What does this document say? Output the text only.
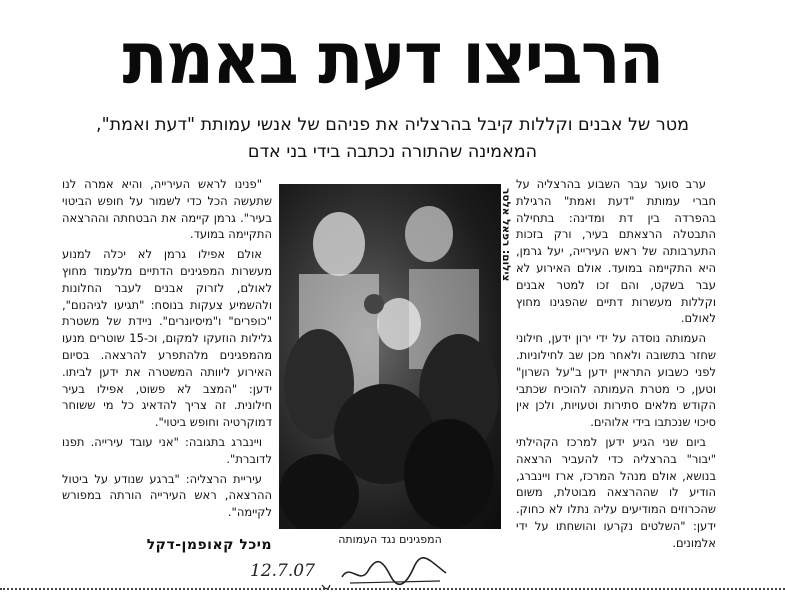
הרביצו דעת באמת
מטר של אבנים וקללות קיבל בהרצליה את פניהם של אנשי עמותת "דעת ואמת",
המאמינה שהתורה נכתבה בידי בני אדם

ערב סוער עבר השבוע בהרצליה על חברי עמותת "דעת ואמת" הרגילת בהפרדה בין דת ומדינה: בתחילה התבטלה הרצאתם בעיר, ורק בזכות התערבותה של ראש העירייה, יעל גרמן, היא התקיימה במועד. אולם האירוע לא עבר בשקט, והם זכו למטר אבנים וקללות מעשרות דתיים שהפגינו מחוץ לאולם.

העמותה נוסדה על ידי ירון ידען, חילוני שחזר בתשובה ולאחר מכן שב לחילוניות. לפני כשבוע התראיין ידען ב"על השרון" וטען, כי מטרת העמותה להוכיח שכתבי הקודש מלאים סתירות וטעויות, ולכן אין סיכוי שנכתבו בידי אלוהים.

ביום שני הגיע ידען למרכז הקהילתי "יבור" בהרצליה כדי להעביר הרצאה בנושא, אולם מנהל המרכז, ארז ויינברג, הודיע לו שההרצאה מבוטלת, משום שהכרוזים המודיעים עליה נתלו לא כחוק. ידען: "השלטים נקרעו והושחתו על ידי אלמונים.

צילום: רפאל אלסר
המפגינים נגד העמותה

"פנינו לראש העירייה, והיא אמרה לנו שתעשה הכל כדי לשמור על חופש הביטוי בעיר". גרמן קיימה את הבטחתה וההרצאה התקיימה במועד.

אולם אפילו גרמן לא יכלה למנוע מעשרות המפגינים הדתיים מלעמוד מחוץ לאולם, לזרוק אבנים לעבר החלונות ולהשמיע צעקות בנוסח: "תגיעו לגיהנום", "כופרים" ו"מיסיונרים". ניידת של משטרת גלילות הוזעקו למקום, וכ-15 שוטרים מנעו מהמפגינים מלהתפרע להרצאה. בסיום האירוע ליוותה המשטרה את ידען לביתו. ידען: "המצב לא פשוט, אפילו בעיר חילונית. זה צריך להדאיג כל מי ששוחר דמוקרטיה וחופש ביטוי".

ויינברג בתגובה: "אני עובד עירייה. תפנו לדוברת".

עיריית הרצליה: "ברגע שנודע על ביטול ההרצאה, ראש העירייה הורתה במפורש לקיימה".

מיכל קאופמן-דקל
12.7.07
